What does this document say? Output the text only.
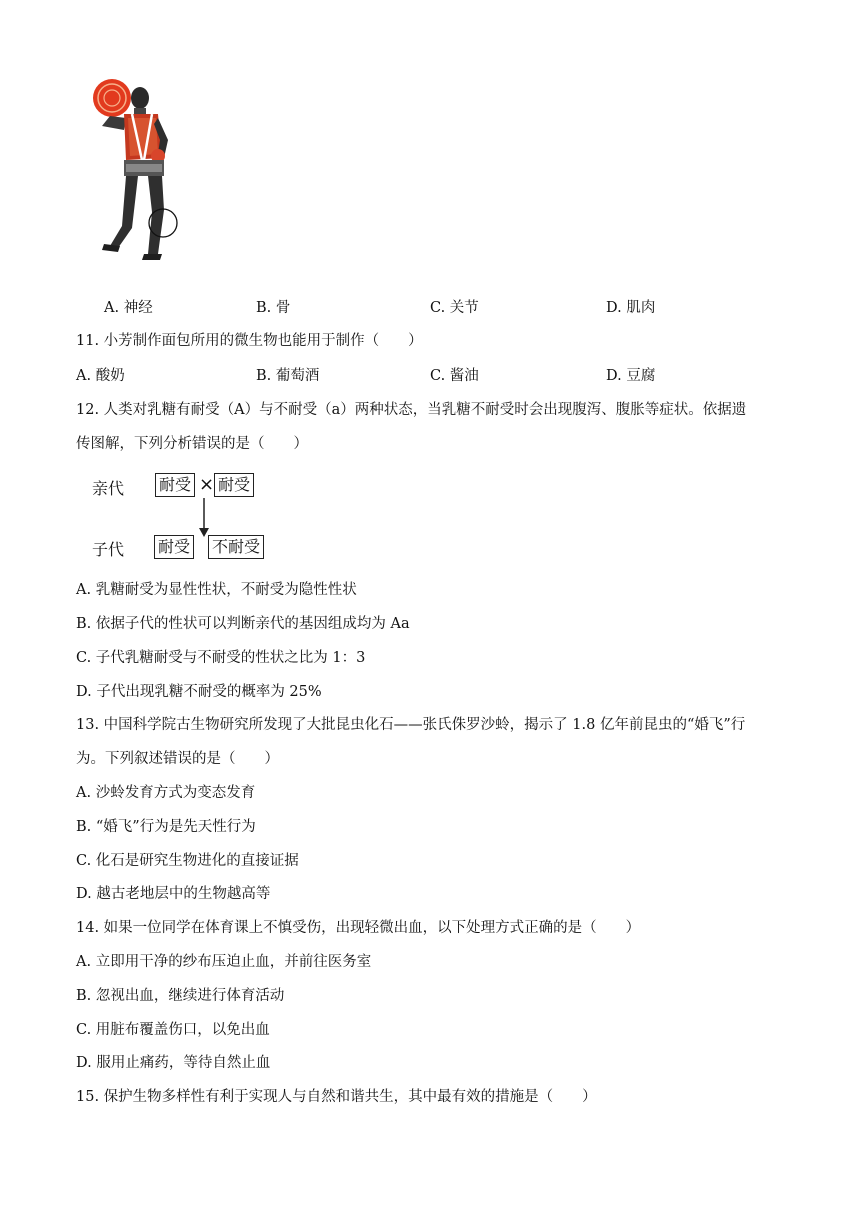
A. 神经	B. 骨	C. 关节	D. 肌肉
11. 小芳制作面包所用的微生物也能用于制作（　　）
A. 酸奶	B. 葡萄酒	C. 酱油	D. 豆腐
12. 人类对乳糖有耐受（A）与不耐受（a）两种状态，当乳糖不耐受时会出现腹泻、腹胀等症状。依据遗
传图解，下列分析错误的是（　　）
亲代 耐受 × 耐受
子代 耐受 不耐受
A. 乳糖耐受为显性性状，不耐受为隐性性状
B. 依据子代的性状可以判断亲代的基因组成均为 Aa
C. 子代乳糖耐受与不耐受的性状之比为 1：3
D. 子代出现乳糖不耐受的概率为 25%
13. 中国科学院古生物研究所发现了大批昆虫化石——张氏侏罗沙蛉，揭示了 1.8 亿年前昆虫的“婚飞”行
为。下列叙述错误的是（　　）
A. 沙蛉发育方式为变态发育
B. “婚飞”行为是先天性行为
C. 化石是研究生物进化的直接证据
D. 越古老地层中的生物越高等
14. 如果一位同学在体育课上不慎受伤，出现轻微出血，以下处理方式正确的是（　　）
A. 立即用干净的纱布压迫止血，并前往医务室
B. 忽视出血，继续进行体育活动
C. 用脏布覆盖伤口，以免出血
D. 服用止痛药，等待自然止血
15. 保护生物多样性有利于实现人与自然和谐共生，其中最有效的措施是（　　）
